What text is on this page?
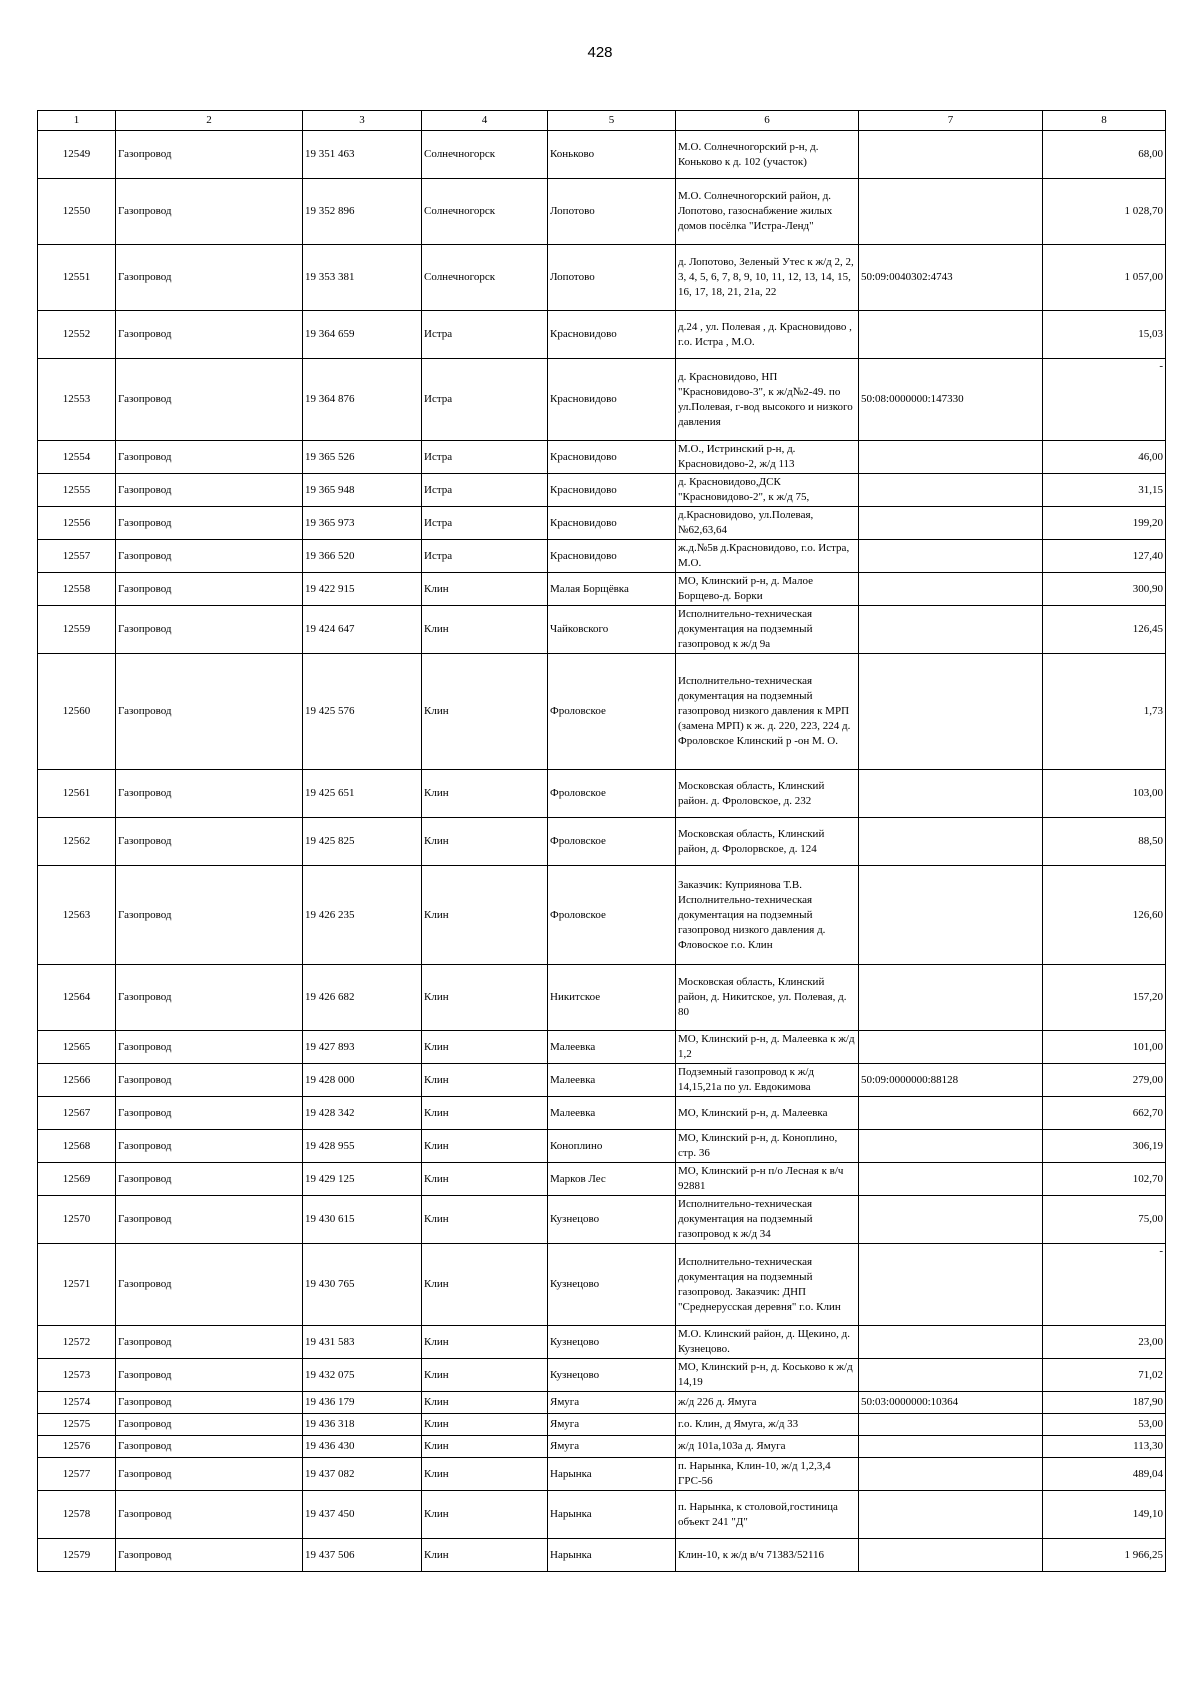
428
1	2	3	4	5	6	7	8
12549	Газопровод	19 351 463	Солнечногорск	Коньково	М.О. Солнечногорский р-н, д. Коньково к д. 102 (участок)		68,00
12550	Газопровод	19 352 896	Солнечногорск	Лопотово	М.О. Солнечногорский район, д. Лопотово, газоснабжение жилых домов посёлка "Истра-Ленд"		1 028,70
12551	Газопровод	19 353 381	Солнечногорск	Лопотово	д. Лопотово, Зеленый Утес к ж/д 2, 2, 3, 4, 5, 6, 7, 8, 9, 10, 11, 12, 13, 14, 15, 16, 17, 18, 21, 21а, 22	50:09:0040302:4743	1 057,00
12552	Газопровод	19 364 659	Истра	Красновидово	д.24 , ул. Полевая , д. Красновидово , г.о. Истра , М.О.		15,03
12553	Газопровод	19 364 876	Истра	Красновидово	д. Красновидово, НП "Красновидово-3", к ж/д№2-49. по ул.Полевая, г-вод высокого и низкого давления	50:08:0000000:147330	-
12554	Газопровод	19 365 526	Истра	Красновидово	М.О., Истринский р-н, д. Красновидово-2, ж/д 113		46,00
12555	Газопровод	19 365 948	Истра	Красновидово	д. Красновидово,ДСК "Красновидово-2", к ж/д 75,		31,15
12556	Газопровод	19 365 973	Истра	Красновидово	д.Красновидово, ул.Полевая, №62,63,64		199,20
12557	Газопровод	19 366 520	Истра	Красновидово	ж.д.№5в д.Красновидово, г.о. Истра, М.О.		127,40
12558	Газопровод	19 422 915	Клин	Малая Борщёвка	МО, Клинский р-н, д. Малое Борщево-д. Борки		300,90
12559	Газопровод	19 424 647	Клин	Чайковского	Исполнительно-техническая документация на подземный газопровод к ж/д 9а		126,45
12560	Газопровод	19 425 576	Клин	Фроловское	Исполнительно-техническая документация на подземный газопровод низкого давления к МРП (замена МРП) к ж. д. 220, 223, 224 д. Фроловское Клинский р -он М. О.		1,73
12561	Газопровод	19 425 651	Клин	Фроловское	Московская область, Клинский район. д. Фроловское, д. 232		103,00
12562	Газопровод	19 425 825	Клин	Фроловское	Московская область, Клинский район, д. Фролорвское, д. 124		88,50
12563	Газопровод	19 426 235	Клин	Фроловское	Заказчик: Куприянова Т.В. Исполнительно-техническая документация на подземный газопровод низкого давления д. Фловоское г.о. Клин		126,60
12564	Газопровод	19 426 682	Клин	Никитское	Московская область, Клинский район, д. Никитское, ул. Полевая, д. 80		157,20
12565	Газопровод	19 427 893	Клин	Малеевка	МО, Клинский р-н, д. Малеевка к ж/д 1,2		101,00
12566	Газопровод	19 428 000	Клин	Малеевка	Подземный газопровод к ж/д 14,15,21а по ул. Евдокимова	50:09:0000000:88128	279,00
12567	Газопровод	19 428 342	Клин	Малеевка	МО, Клинский р-н, д. Малеевка		662,70
12568	Газопровод	19 428 955	Клин	Коноплино	МО, Клинский р-н, д. Коноплино, стр. 36		306,19
12569	Газопровод	19 429 125	Клин	Марков Лес	МО, Клинский р-н п/о Лесная к в/ч 92881		102,70
12570	Газопровод	19 430 615	Клин	Кузнецово	Исполнительно-техническая документация на подземный газопровод к ж/д 34		75,00
12571	Газопровод	19 430 765	Клин	Кузнецово	Исполнительно-техническая документация на подземный газопровод. Заказчик: ДНП "Среднерусская деревня" г.о. Клин		-
12572	Газопровод	19 431 583	Клин	Кузнецово	М.О. Клинский район, д. Щекино, д. Кузнецово.		23,00
12573	Газопровод	19 432 075	Клин	Кузнецово	МО, Клинский р-н, д. Коськово к ж/д 14,19		71,02
12574	Газопровод	19 436 179	Клин	Ямуга	ж/д 226 д. Ямуга	50:03:0000000:10364	187,90
12575	Газопровод	19 436 318	Клин	Ямуга	г.о. Клин, д Ямуга, ж/д 33		53,00
12576	Газопровод	19 436 430	Клин	Ямуга	ж/д 101а,103а д. Ямуга		113,30
12577	Газопровод	19 437 082	Клин	Нарынка	п. Нарынка, Клин-10, ж/д 1,2,3,4 ГРС-56		489,04
12578	Газопровод	19 437 450	Клин	Нарынка	п. Нарынка, к столовой,гостиница объект 241 "Д"		149,10
12579	Газопровод	19 437 506	Клин	Нарынка	Клин-10, к ж/д в/ч 71383/52116		1 966,25
